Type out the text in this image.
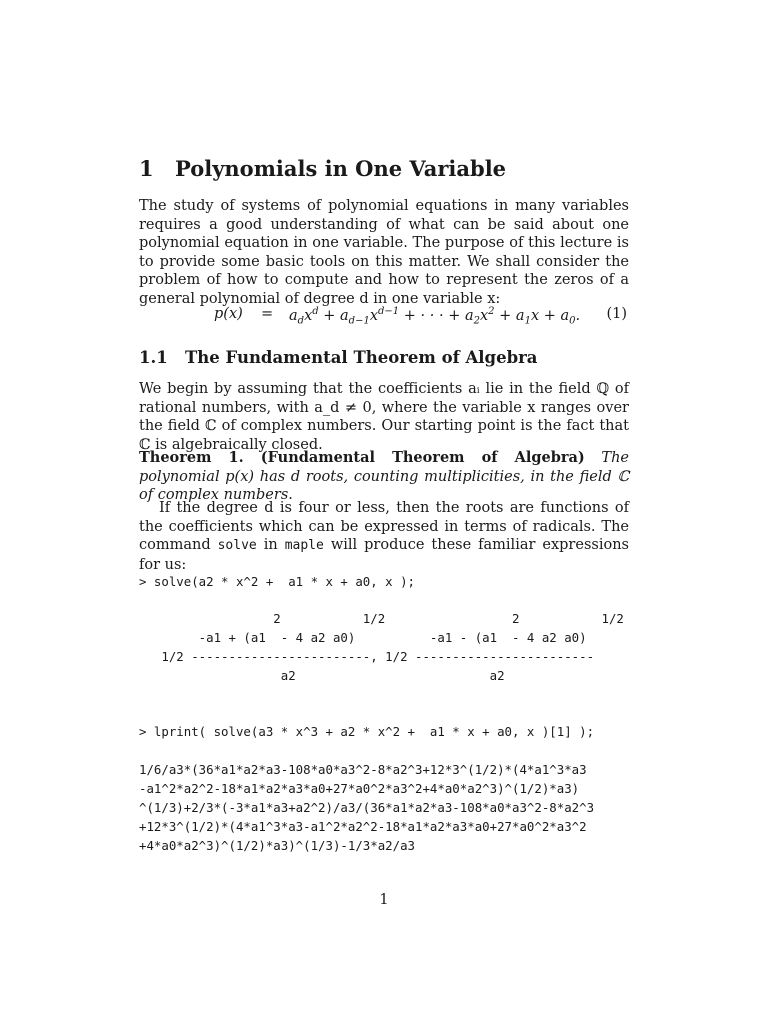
1 Polynomials in One Variable

The study of systems of polynomial equations in many variables requires a good understanding of what can be said about one polynomial equation in one variable. The purpose of this lecture is to provide some basic tools on this matter. We shall consider the problem of how to compute and how to represent the zeros of a general polynomial of degree d in one variable x:

$p(x) = a_dx^d + a_{d-1}x^{d-1}$ + · · · + $a_2x^2 + a_1x + a_0$. (1)
1.1 The Fundamental Theorem of Algebra

We begin by assuming that the coefficients aᵢ lie in the field ℚ of rational numbers, with a_d ≠ 0, where the variable x ranges over the field ℂ of complex numbers. Our starting point is the fact that ℂ is algebraically closed.

Theorem 1. (Fundamental Theorem of Algebra) The polynomial p(x) has d roots, counting multiplicities, in the field ℂ of complex numbers.

If the degree d is four or less, then the roots are functions of the coefficients which can be expressed in terms of radicals. The command solve in maple will produce these familiar expressions for us:

> solve(a2 * x^2 +  a1 * x + a0, x );
2           1/2                 2           1/2
-a1 + (a1  - 4 a2 a0)          -a1 - (a1  - 4 a2 a0)
1/2 ------------------------, 1/2 ------------------------
a2                          a2
> lprint( solve(a3 * x^3 + a2 * x^2 +  a1 * x + a0, x )[1] );
1/6/a3*(36*a1*a2*a3-108*a0*a3^2-8*a2^3+12*3^(1/2)*(4*a1^3*a3
-a1^2*a2^2-18*a1*a2*a3*a0+27*a0^2*a3^2+4*a0*a2^3)^(1/2)*a3)
^(1/3)+2/3*(-3*a1*a3+a2^2)/a3/(36*a1*a2*a3-108*a0*a3^2-8*a2^3
+12*3^(1/2)*(4*a1^3*a3-a1^2*a2^2-18*a1*a2*a3*a0+27*a0^2*a3^2
+4*a0*a2^3)^(1/2)*a3)^(1/3)-1/3*a2/a3
1
